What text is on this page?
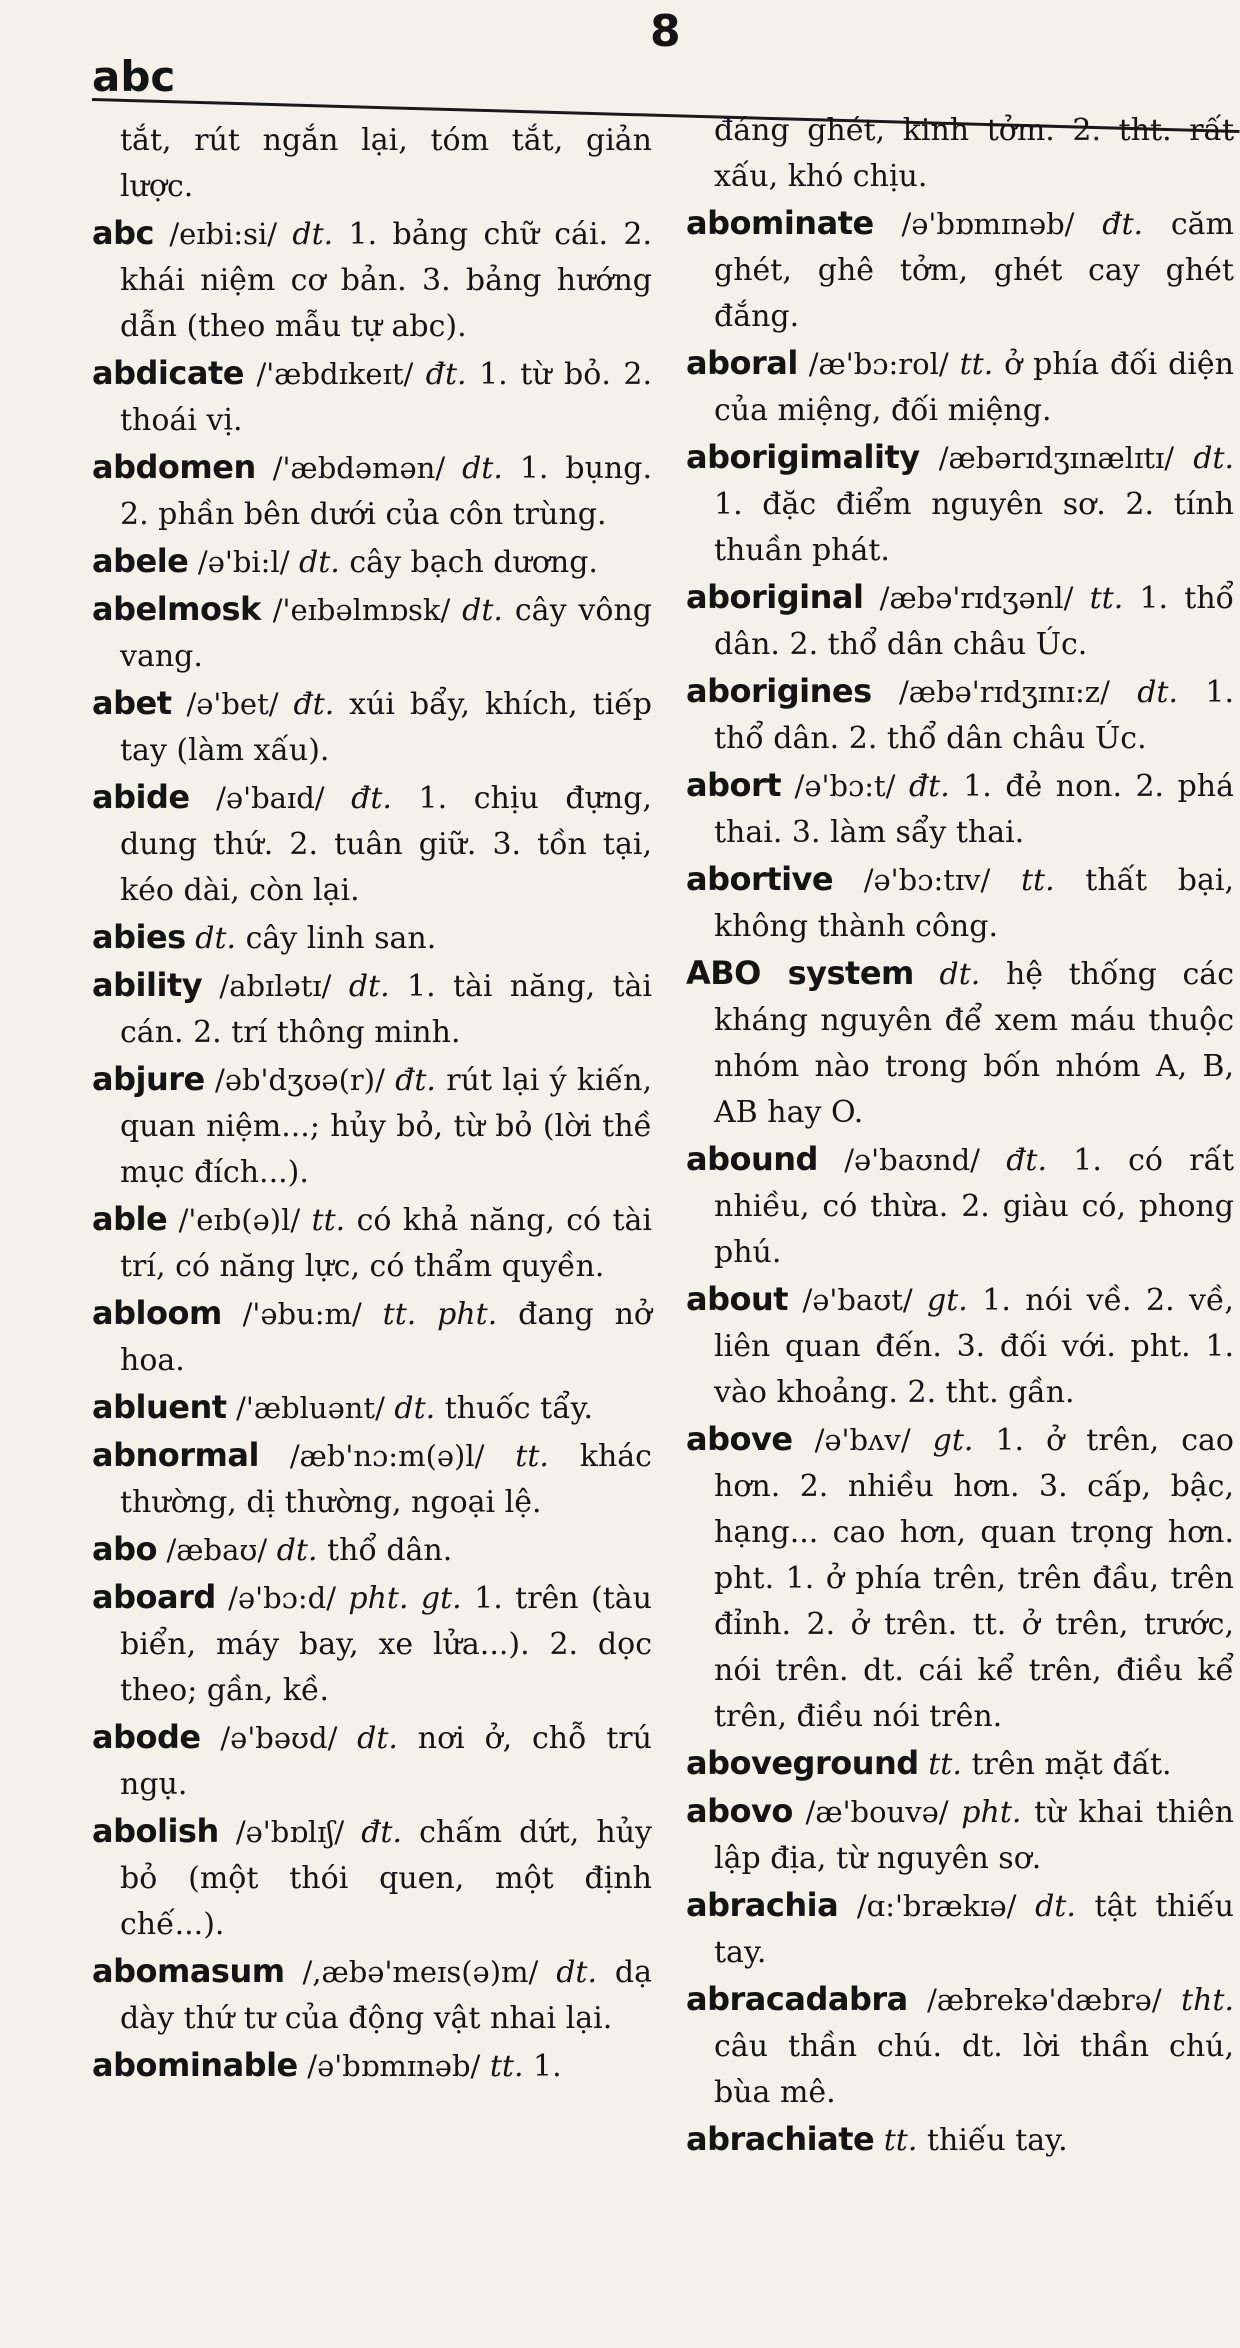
8
abc

tắt, rút ngắn lại, tóm tắt, giản lược.

abc /eɪbi:si/ dt. 1. bảng chữ cái. 2. khái niệm cơ bản. 3. bảng hướng dẫn (theo mẫu tự abc).

abdicate /'æbdɪkeɪt/ đt. 1. từ bỏ. 2. thoái vị.

abdomen /'æbdəmən/ dt. 1. bụng. 2. phần bên dưới của côn trùng.

abele /ə'bi:l/ dt. cây bạch dương.

abelmosk /'eɪbəlmɒsk/ dt. cây vông vang.

abet /ə'bet/ đt. xúi bẩy, khích, tiếp tay (làm xấu).

abide /ə'baɪd/ đt. 1. chịu đựng, dung thứ. 2. tuân giữ. 3. tồn tại, kéo dài, còn lại.

abies dt. cây linh san.

ability /abɪlətɪ/ dt. 1. tài năng, tài cán. 2. trí thông minh.

abjure /əb'dʒʊə(r)/ đt. rút lại ý kiến, quan niệm...; hủy bỏ, từ bỏ (lời thề mục đích...).

able /'eɪb(ə)l/ tt. có khả năng, có tài trí, có năng lực, có thẩm quyền.

abloom /'əbu:m/ tt. pht. đang nở hoa.

abluent /'æbluənt/ dt. thuốc tẩy.

abnormal /æb'nɔ:m(ə)l/ tt. khác thường, dị thường, ngoại lệ.

abo /æbaʊ/ dt. thổ dân.

aboard /ə'bɔ:d/ pht. gt. 1. trên (tàu biển, máy bay, xe lửa...). 2. dọc theo; gần, kề.

abode /ə'bəʊd/ dt. nơi ở, chỗ trú ngụ.

abolish /ə'bɒlɪʃ/ đt. chấm dứt, hủy bỏ (một thói quen, một định chế...).

abomasum /,æbə'meɪs(ə)m/ dt. dạ dày thứ tư của động vật nhai lại.

abominable /ə'bɒmɪnəb/ tt. 1.

đáng ghét, kinh tởm. 2. tht. rất xấu, khó chịu.

abominate /ə'bɒmɪnəb/ đt. căm ghét, ghê tởm, ghét cay ghét đắng.

aboral /æ'bɔ:rol/ tt. ở phía đối diện của miệng, đối miệng.

aborigimality /æbərɪdʒɪnælɪtɪ/ dt. 1. đặc điểm nguyên sơ. 2. tính thuần phát.

aboriginal /æbə'rɪdʒənl/ tt. 1. thổ dân. 2. thổ dân châu Úc.

aborigines /æbə'rɪdʒɪnɪ:z/ dt. 1. thổ dân. 2. thổ dân châu Úc.

abort /ə'bɔ:t/ đt. 1. đẻ non. 2. phá thai. 3. làm sẩy thai.

abortive /ə'bɔ:tɪv/ tt. thất bại, không thành công.

ABO system dt. hệ thống các kháng nguyên để xem máu thuộc nhóm nào trong bốn nhóm A, B, AB hay O.

abound /ə'baʊnd/ đt. 1. có rất nhiều, có thừa. 2. giàu có, phong phú.

about /ə'baʊt/ gt. 1. nói về. 2. về, liên quan đến. 3. đối với. pht. 1. vào khoảng. 2. tht. gần.

above /ə'bʌv/ gt. 1. ở trên, cao hơn. 2. nhiều hơn. 3. cấp, bậc, hạng... cao hơn, quan trọng hơn. pht. 1. ở phía trên, trên đầu, trên đỉnh. 2. ở trên. tt. ở trên, trước, nói trên. dt. cái kể trên, điều kể trên, điều nói trên.

aboveground tt. trên mặt đất.

abovo /æ'bouvə/ pht. từ khai thiên lập địa, từ nguyên sơ.

abrachia /ɑ:'brækɪə/ dt. tật thiếu tay.

abracadabra /æbrekə'dæbrə/ tht. câu thần chú. dt. lời thần chú, bùa mê.

abrachiate tt. thiếu tay.
